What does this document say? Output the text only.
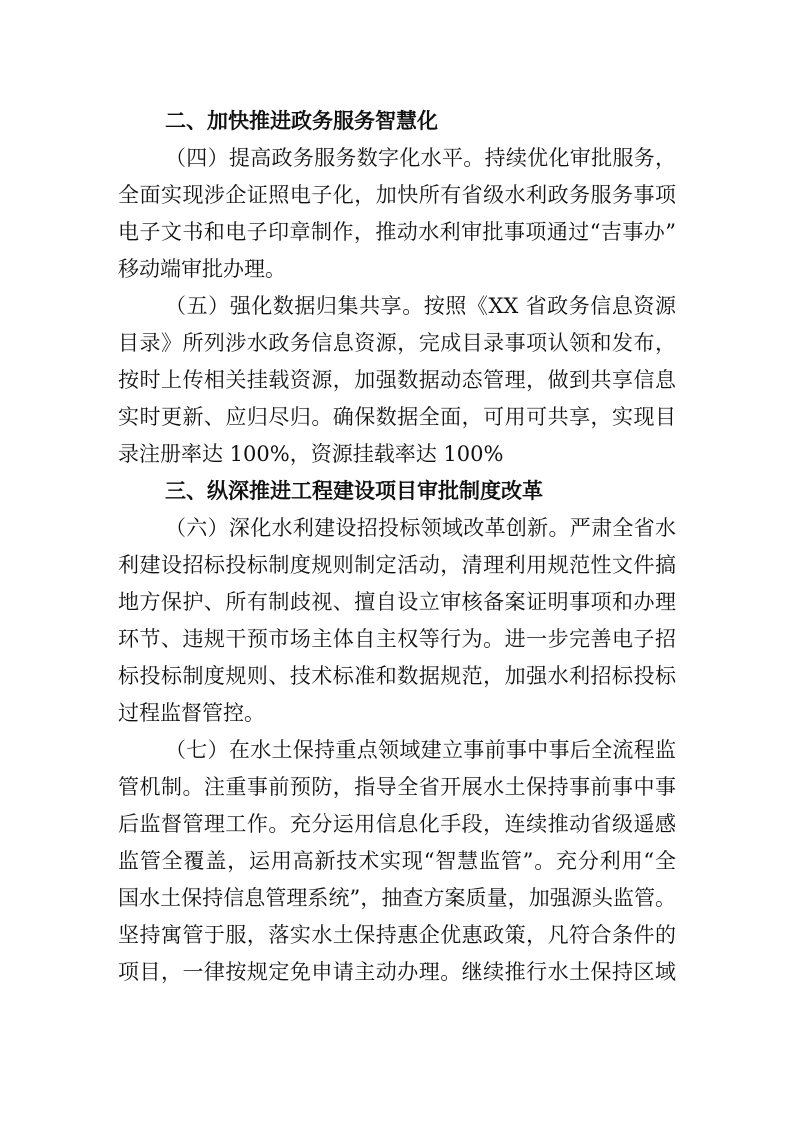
二、加快推进政务服务智慧化
（四）提高政务服务数字化水平。持续优化审批服务，
全面实现涉企证照电子化，加快所有省级水利政务服务事项
电子文书和电子印章制作，推动水利审批事项通过“吉事办”
移动端审批办理。
（五）强化数据归集共享。按照《XX 省政务信息资源
目录》所列涉水政务信息资源，完成目录事项认领和发布，
按时上传相关挂载资源，加强数据动态管理，做到共享信息
实时更新、应归尽归。确保数据全面，可用可共享，实现目
录注册率达 100%，资源挂载率达 100%
三、纵深推进工程建设项目审批制度改革
（六）深化水利建设招投标领域改革创新。严肃全省水
利建设招标投标制度规则制定活动，清理利用规范性文件搞
地方保护、所有制歧视、擅自设立审核备案证明事项和办理
环节、违规干预市场主体自主权等行为。进一步完善电子招
标投标制度规则、技术标准和数据规范，加强水利招标投标
过程监督管控。
（七）在水土保持重点领域建立事前事中事后全流程监
管机制。注重事前预防，指导全省开展水土保持事前事中事
后监督管理工作。充分运用信息化手段，连续推动省级遥感
监管全覆盖，运用高新技术实现“智慧监管”。充分利用“全
国水土保持信息管理系统”，抽查方案质量，加强源头监管。
坚持寓管于服，落实水土保持惠企优惠政策，凡符合条件的
项目，一律按规定免申请主动办理。继续推行水土保持区域
